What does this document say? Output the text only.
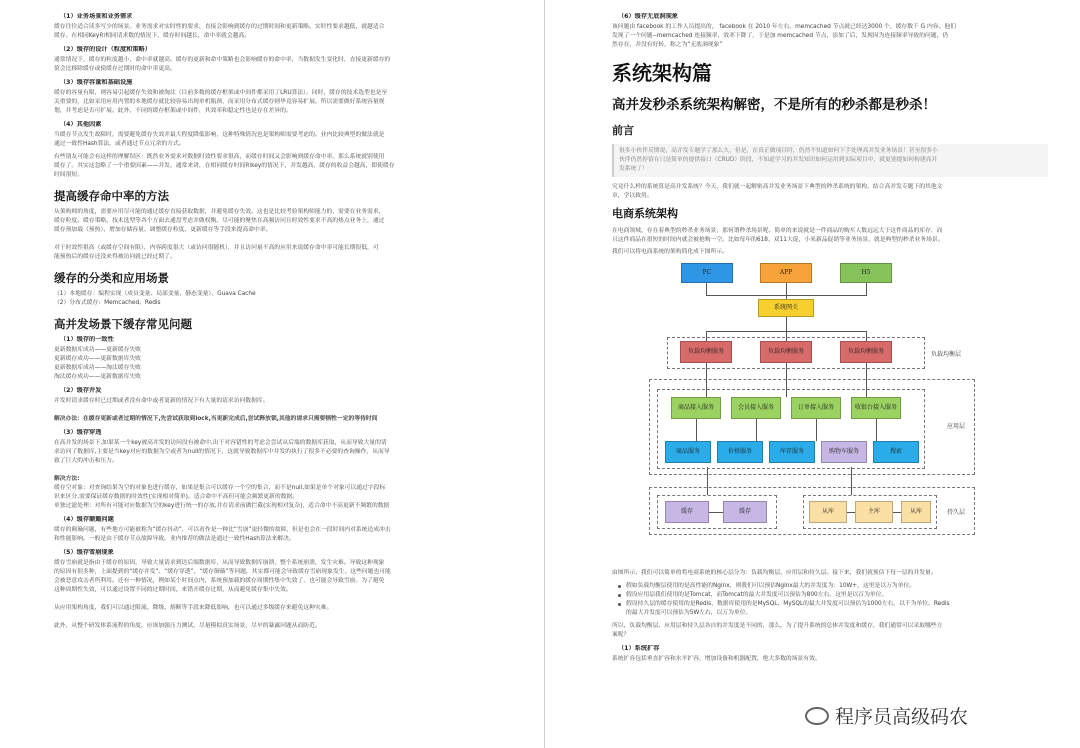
（1）业务场景和业务需求
缓存往往适合读多写少的场景。业务需求对实时性的要求，直接会影响到缓存的过期时间和更新策略。实时性要求越低，就越适合
缓存。在相同Key和相同请求数的情况下，缓存时间越长，命中率就会越高。
（2）缓存的设计（粒度和策略）
通常情况下，缓存的粒度越小，命中率就越高。缓存的更新和命中策略也会影响缓存的命中率，当数据发生变化时，直接更新缓存的
值会比移除缓存或使缓存过期时的命中率更高。
（3）缓存容量和基础设施
缓存的容量有限，则容易引起缓存失效和被淘汰（目前多数的缓存框架或中间件都采用了LRU算法）。同时，缓存的技术选型也是至
关重要的，比如采用应用内置的本地缓存就比较容易出现单机瓶颈，而采用分布式缓存则毕竟容易扩展。所以需要做好系统容量规
划，并考虑是否可扩展。此外，不同的缓存框架或中间件，其效率和稳定性也是存在差异的。
（4）其他因素
当缓存节点发生故障时，需要避免缓存失效并最大程度降低影响，这种特殊情况也是架构师需要考虑的。业内比较典型的做法就是
通过一致性Hash算法，或者通过节点冗余的方式。
有些朋友可能会有这样的理解误区：既然业务需求对数据时效性要求很高，而缓存时间又会影响到缓存命中率，那么系统就别使用
缓存了。其实这忽略了一个重要因素——并发。通常来讲，在相同缓存时间和key的情况下，并发越高，缓存的收益会越高，即使缓存
时间很短。
提高缓存命中率的方法
从架构师的角度，需要应用尽可能的通过缓存直接获取数据，并避免缓存失效。这也是比较考验架构师能力的，需要在业务需求，
缓存粒度、缓存策略、技术选型等各个方面去通盘考虑并做权衡。尽可能的聚焦在高频访问且时效性要求不高的热点业务上，通过
缓存预加载（预热）、增加存储容量、调整缓存粒度、更新缓存等手段来提高命中率。
对于时效性很高（或缓存空间有限），内容跨度很大（或访问很随机），并且访问量不高的应用来说缓存命中率可能长期很低，可
能预热后的缓存还没来得被访问就已经过期了。
缓存的分类和应用场景
（1）本地缓存：编程实现（成员变量、局部变量、静态变量）、Guava Cache
（2）分布式缓存：Memcached、Redis
高并发场景下缓存常见问题
（1）缓存的一致性
更新数据库成功——更新缓存失败
更新缓存成功——更新数据库失败
更新数据库成功——淘汰缓存失败
淘汰缓存成功——更新数据库失败
（2）缓存并发
并发时请求缓存时已过期或者没有命中或者更新的情况下有大量的请求访问数据库。
解决办法：在缓存更新或者过期的情况下,先尝试获取到lock,当更新完成后,尝试释放锁,其他的请求只需要牺牲一定的等待时间
（3）缓存穿透
在高并发的场景下,如果某一个key被高并发的访问没有被命中,出于对容错性的考虑会尝试从后端的数据库获取，从而导致大量的请
求访问了数据库,主要是当key对应的数据为空或者为null的情况下，这就导致数据库中并发的执行了很多不必要的查询操作，从而导
致了巨大的冲击和压力。
解决方法:
缓存空对象：对查询结果为空的对象也进行缓存，如果是集合可以缓存一个空的集合，而不是null,如果是单个对象可以通过字段标
识来区分,需要保证缓存数据的时效性(实现相对简单)。适合命中不高但可能会频繁更新的数据。
单独过滤处理：对所有可能对应数据为空的key进行统一的存放,并在请求前做拦截(实现相对复杂)，适合命中不高更新不频繁的数据
（4）缓存颠簸问题
缓存的颠簸问题，有些地方可能被称为“缓存抖动”，可以看作是一种比“雪崩”更轻微的故障，但是也会在一段时间内对系统造成冲击
和性能影响。一般是由于缓存节点故障导致。业内推荐的做法是通过一致性Hash算法来解决。
（5）缓存雪崩现象
缓存雪崩就是指由于缓存的原因，导致大量请求到达后端数据库，从而导致数据库崩溃，整个系统崩溃，发生灾难。导致这种现象
的原因有很多种，上面提到的“缓存并发”、“缓存穿透”、“缓存颠簸”等问题，其实都可能会导致缓存雪崩现象发生。这些问题也可能
会被恶意攻击者所利用。还有一种情况，例如某个时间点内，系统预加载的缓存周期性集中失效了，也可能会导致雪崩。为了避免
这种周期性失效，可以通过设置不同的过期时间，来错开缓存过期，从而避免缓存集中失效。
从应用架构角度，我们可以通过限流、降级、熔断等手段来降低影响，也可以通过多级缓存来避免这种灾难。
此外，从整个研发体系流程的角度，应该加强压力测试，尽量模拟真实场景，尽早的暴露问题从而防范。
（6）缓存无底洞现象
该问题由 facebook 的工作人员提出的， facebook 在 2010 年左右，memcached 节点就已经达3000 个，缓存数千 G 内容。他们
发现了一个问题--memcached 连接频率，效率下降了，于是加 memcached 节点，添加了后，发现因为连接频率导致的问题，仍
然存在，并没有好转，称之为“无底洞现象”
系统架构篇
高并发秒杀系统架构解密，不是所有的秒杀都是秒杀！
前言
很多小伙伴反馈说，高并发专题学了那么久，但是，在真正做项目时，仍然不知道如何下手处理高并发业务场景！甚至很多小
伙伴仍然停留在只是简单的提供接口（CRUD）阶段，不知道学习的并发知识如何运用到实际项目中，就更别提如何构建高并
发系统了！
究竟什么样的系统算是高并发系统？今天，我们就一起解密高并发业务场景下典型的秒杀系统的架构，结合高并发专题下的其他文
章，学以致用。
电商系统架构
在电商领域，存在着典型的秒杀业务场景，那何谓秒杀场景呢。简单的来说就是一件商品的购买人数远远大于这件商品的库存，而
且这件商品在很短的时间内就会被抢购一空。比如每年的618、双11大促，小米新品促销等业务场景，就是典型的秒杀业务场景。
我们可以将电商系统的架构简化成下图所示。
PC	APP	H5
系统网关
负载均衡层
负载均衡服务	负载均衡服务	负载均衡服务
应用层
商品接入服务	会员接入服务	订单接入服务	收银台接入服务
商品服务	价格服务	库存服务	购物车服务	搜索
持久层
缓存	缓存	从库	主库	从库
由图所示，我们可以简单的将电商系统的核心层分为：负载均衡层、应用层和持久层。接下来，我们就预估下每一层的并发量。
假如负载均衡层使用的是高性能的Nginx，则我们可以预估Nginx最大的并发度为：10W+，这里是以万为单位。
假设应用层我们使用的是Tomcat，而Tomcat的最大并发度可以预估为800左右，这里是以百为单位。
假设持久层的缓存使用的是Redis，数据库使用的是MySQL，MySQL的最大并发度可以预估为1000左右，以千为单位。Redis
的最大并发度可以预估为5W左右，以万为单位。
所以，负载均衡层、应用层和持久层各自的并发度是不同的，那么，为了提升系统的总体并发度和缓存，我们通常可以采取哪些方
案呢？
（1）系统扩容
系统扩容包括垂直扩容和水平扩容，增加设备和机器配置，绝大多数的场景有效。
程序员高级码农
